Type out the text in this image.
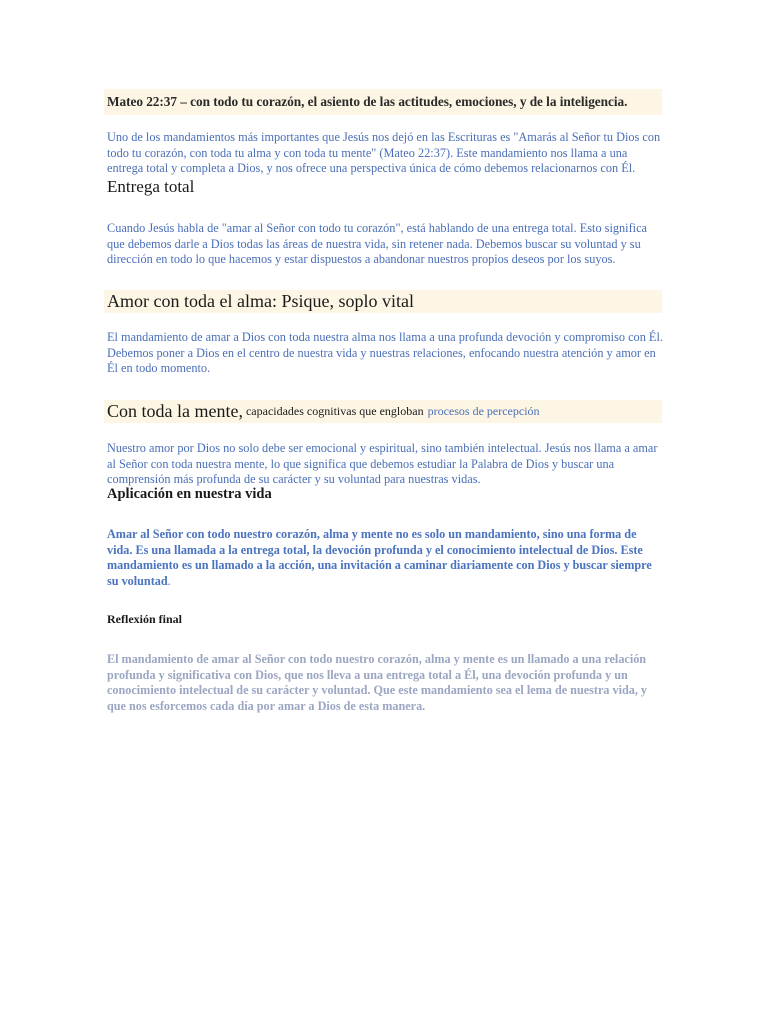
Mateo 22:37 – con todo tu corazón, el asiento de las actitudes, emociones, y de la inteligencia.

Uno de los mandamientos más importantes que Jesús nos dejó en las Escrituras es "Amarás al Señor tu Dios con todo tu corazón, con toda tu alma y con toda tu mente" (Mateo 22:37). Este mandamiento nos llama a una entrega total y completa a Dios, y nos ofrece una perspectiva única de cómo debemos relacionarnos con Él.

Entrega total

Cuando Jesús habla de "amar al Señor con todo tu corazón", está hablando de una entrega total. Esto significa que debemos darle a Dios todas las áreas de nuestra vida, sin retener nada. Debemos buscar su voluntad y su dirección en todo lo que hacemos y estar dispuestos a abandonar nuestros propios deseos por los suyos.

Amor con toda el alma: Psique, soplo vital

El mandamiento de amar a Dios con toda nuestra alma nos llama a una profunda devoción y compromiso con Él. Debemos poner a Dios en el centro de nuestra vida y nuestras relaciones, enfocando nuestra atención y amor en Él en todo momento.

Con toda la mente, capacidades cognitivas que engloban procesos de percepción

Nuestro amor por Dios no solo debe ser emocional y espiritual, sino también intelectual. Jesús nos llama a amar al Señor con toda nuestra mente, lo que significa que debemos estudiar la Palabra de Dios y buscar una comprensión más profunda de su carácter y su voluntad para nuestras vidas.

Aplicación en nuestra vida

Amar al Señor con todo nuestro corazón, alma y mente no es solo un mandamiento, sino una forma de vida. Es una llamada a la entrega total, la devoción profunda y el conocimiento intelectual de Dios. Este mandamiento es un llamado a la acción, una invitación a caminar diariamente con Dios y buscar siempre su voluntad.

Reflexión final

El mandamiento de amar al Señor con todo nuestro corazón, alma y mente es un llamado a una relación profunda y significativa con Dios, que nos lleva a una entrega total a Él, una devoción profunda y un conocimiento intelectual de su carácter y voluntad. Que este mandamiento sea el lema de nuestra vida, y que nos esforcemos cada día por amar a Dios de esta manera.
